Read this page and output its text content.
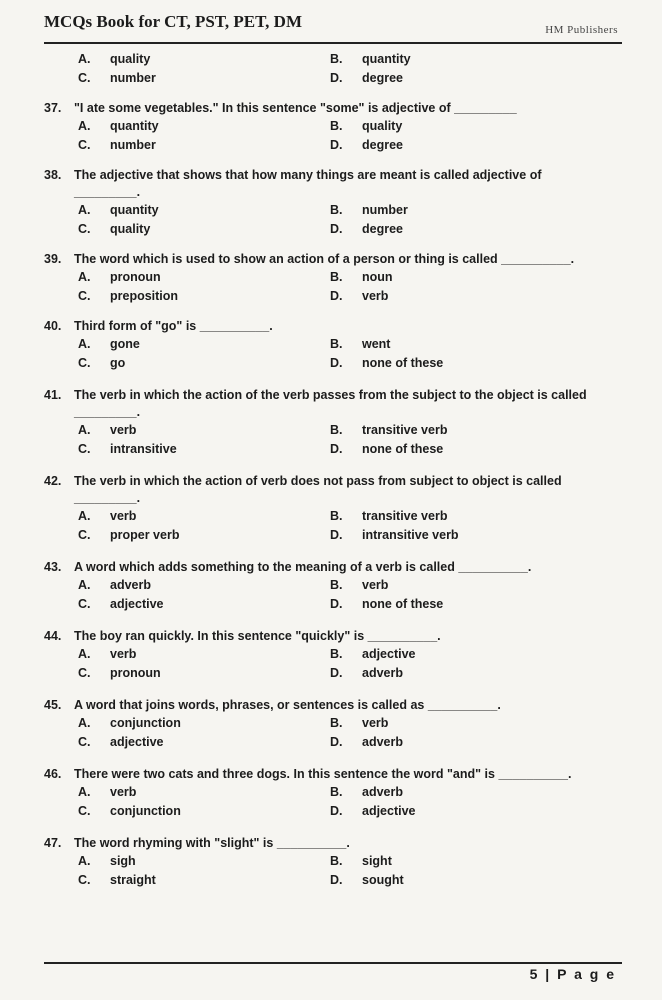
MCQs Book for CT, PST, PET, DM	HM Publishers
A.	quality	B.	quantity
C.	number	D.	degree
37.	"I ate some vegetables." In this sentence "some" is adjective of _________
A.	quantity	B.	quality
C.	number	D.	degree
38.	The adjective that shows that how many things are meant is called adjective of
_________.
A.	quantity	B.	number
C.	quality	D.	degree
39.	The word which is used to show an action of a person or thing is called __________.
A.	pronoun	B.	noun
C.	preposition	D.	verb
40.	Third form of "go" is __________.
A.	gone	B.	went
C.	go	D.	none of these
41.	The verb in which the action of the verb passes from the subject to the object is called
_________.
A.	verb	B.	transitive verb
C.	intransitive	D.	none of these
42.	The verb in which the action of verb does not pass from subject to object is called
_________.
A.	verb	B.	transitive verb
C.	proper verb	D.	intransitive verb
43.	A word which adds something to the meaning of a verb is called __________.
A.	adverb	B.	verb
C.	adjective	D.	none of these
44.	The boy ran quickly. In this sentence "quickly" is __________.
A.	verb	B.	adjective
C.	pronoun	D.	adverb
45.	A word that joins words, phrases, or sentences is called as __________.
A.	conjunction	B.	verb
C.	adjective	D.	adverb
46.	There were two cats and three dogs. In this sentence the word "and" is __________.
A.	verb	B.	adverb
C.	conjunction	D.	adjective
47.	The word rhyming with "slight" is __________.
A.	sigh	B.	sight
C.	straight	D.	sought
5 | P a g e
